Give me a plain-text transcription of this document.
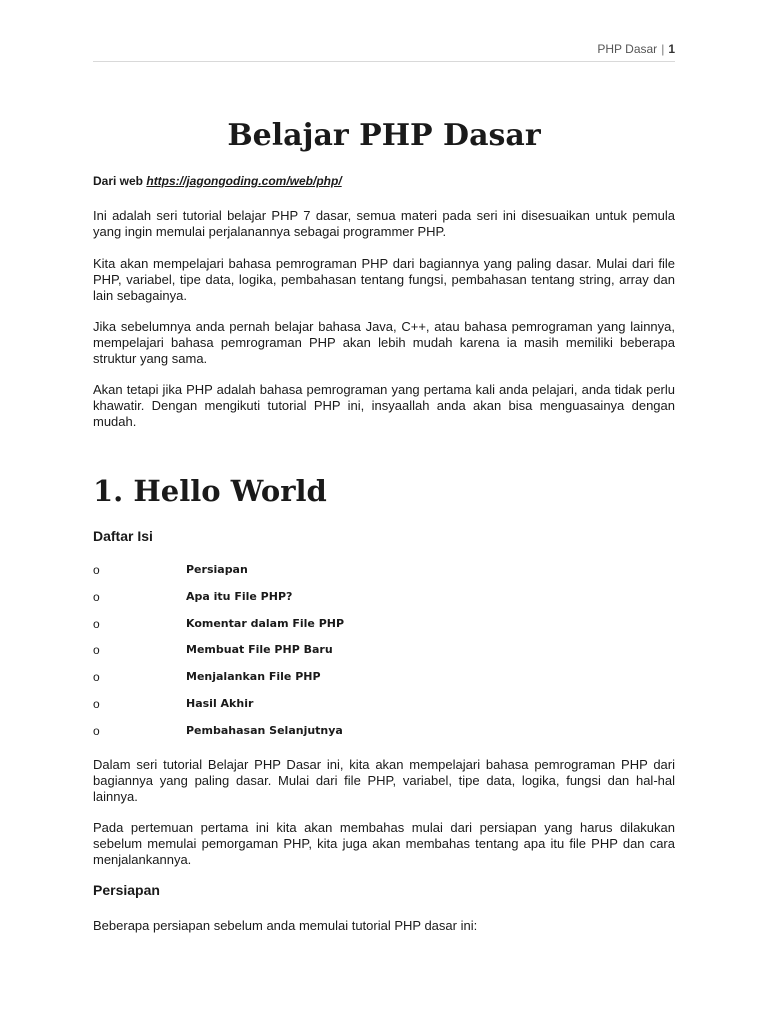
PHP Dasar | 1
Belajar PHP Dasar
Dari web https://jagongoding.com/web/php/

Ini adalah seri tutorial belajar PHP 7 dasar, semua materi pada seri ini disesuaikan untuk pemula yang ingin memulai perjalanannya sebagai programmer PHP.

Kita akan mempelajari bahasa pemrograman PHP dari bagiannya yang paling dasar. Mulai dari file PHP, variabel, tipe data, logika, pembahasan tentang fungsi, pembahasan tentang string, array dan lain sebagainya.

Jika sebelumnya anda pernah belajar bahasa Java, C++, atau bahasa pemrograman yang lainnya, mempelajari bahasa pemrograman PHP akan lebih mudah karena ia masih memiliki beberapa struktur yang sama.

Akan tetapi jika PHP adalah bahasa pemrograman yang pertama kali anda pelajari, anda tidak perlu khawatir. Dengan mengikuti tutorial PHP ini, insyaallah anda akan bisa menguasainya dengan mudah.

1. Hello World
Daftar Isi
o	Persiapan
o	Apa itu File PHP?
o	Komentar dalam File PHP
o	Membuat File PHP Baru
o	Menjalankan File PHP
o	Hasil Akhir
o	Pembahasan Selanjutnya

Dalam seri tutorial Belajar PHP Dasar ini, kita akan mempelajari bahasa pemrograman PHP dari bagiannya yang paling dasar. Mulai dari file PHP, variabel, tipe data, logika, fungsi dan hal-hal lainnya.

Pada pertemuan pertama ini kita akan membahas mulai dari persiapan yang harus dilakukan sebelum memulai pemorgaman PHP, kita juga akan membahas tentang apa itu file PHP dan cara menjalankannya.

Persiapan

Beberapa persiapan sebelum anda memulai tutorial PHP dasar ini:
